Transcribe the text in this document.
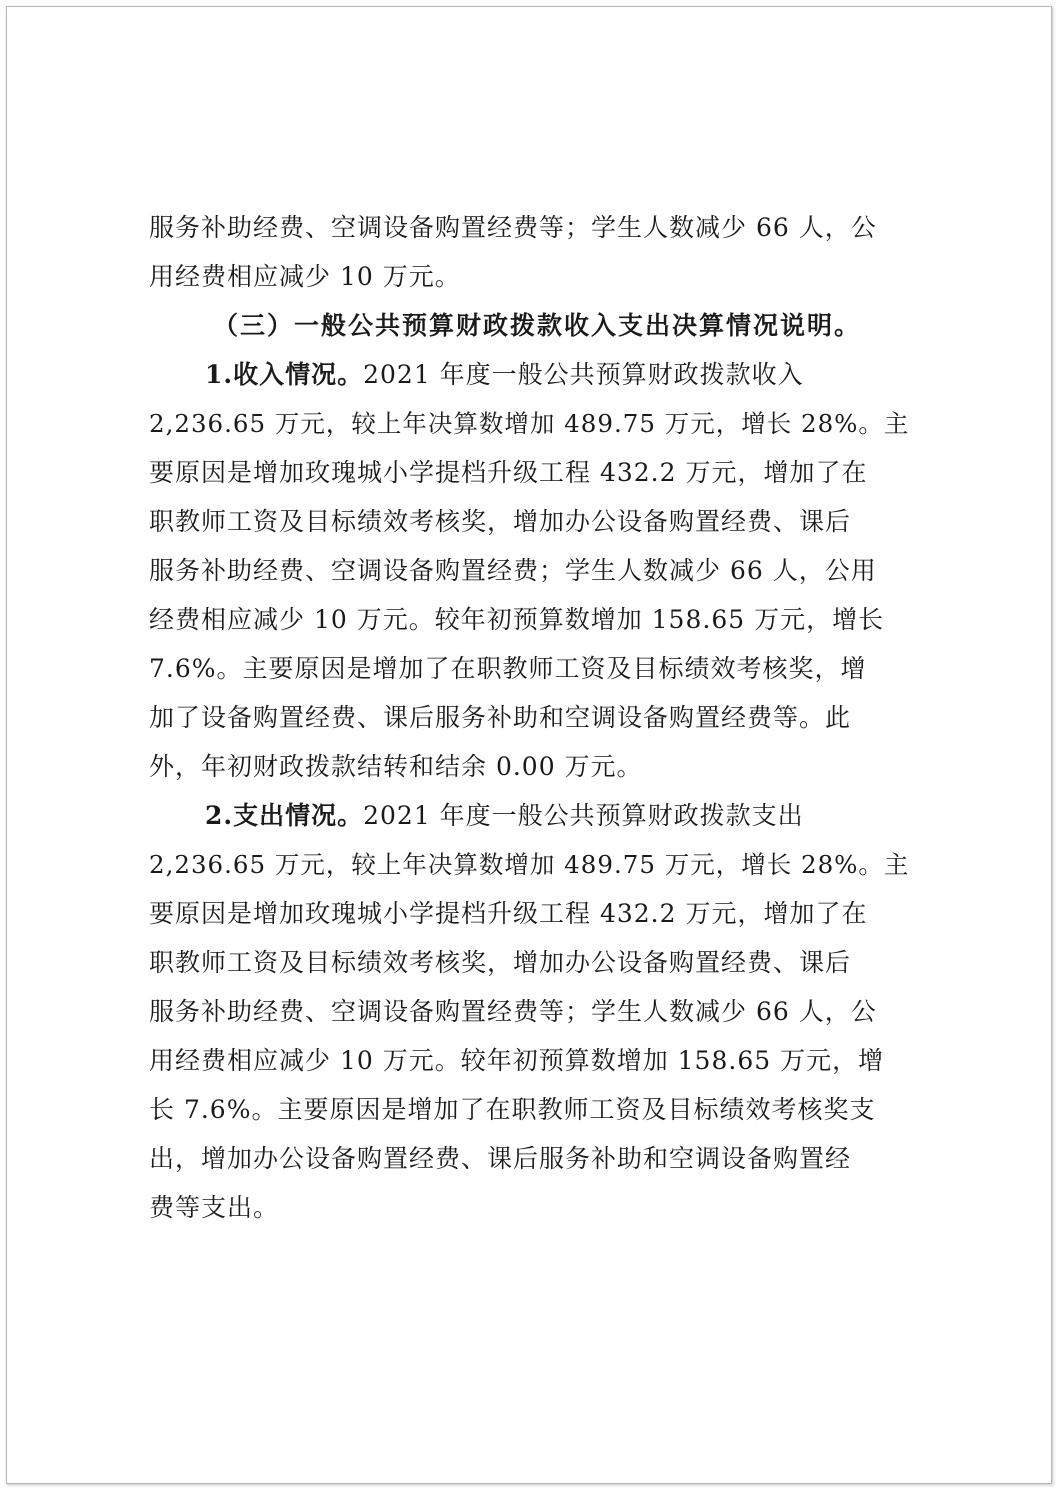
服务补助经费、空调设备购置经费等；学生人数减少 66 人，公
用经费相应减少 10 万元。
（三）一般公共预算财政拨款收入支出决算情况说明。
1.收入情况。2021 年度一般公共预算财政拨款收入
2,236.65 万元，较上年决算数增加 489.75 万元，增长 28%。主
要原因是增加玫瑰城小学提档升级工程 432.2 万元，增加了在
职教师工资及目标绩效考核奖，增加办公设备购置经费、课后
服务补助经费、空调设备购置经费；学生人数减少 66 人，公用
经费相应减少 10 万元。较年初预算数增加 158.65 万元，增长
7.6%。主要原因是增加了在职教师工资及目标绩效考核奖，增
加了设备购置经费、课后服务补助和空调设备购置经费等。此
外，年初财政拨款结转和结余 0.00 万元。
2.支出情况。2021 年度一般公共预算财政拨款支出
2,236.65 万元，较上年决算数增加 489.75 万元，增长 28%。主
要原因是增加玫瑰城小学提档升级工程 432.2 万元，增加了在
职教师工资及目标绩效考核奖，增加办公设备购置经费、课后
服务补助经费、空调设备购置经费等；学生人数减少 66 人，公
用经费相应减少 10 万元。较年初预算数增加 158.65 万元，增
长 7.6%。主要原因是增加了在职教师工资及目标绩效考核奖支
出，增加办公设备购置经费、课后服务补助和空调设备购置经
费等支出。
